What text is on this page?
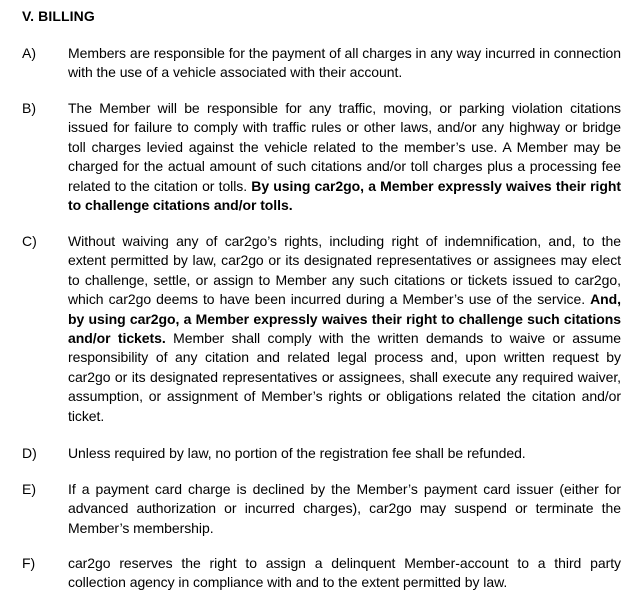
V. BILLING
A) Members are responsible for the payment of all charges in any way incurred in connection with the use of a vehicle associated with their account.
B) The Member will be responsible for any traffic, moving, or parking violation citations issued for failure to comply with traffic rules or other laws, and/or any highway or bridge toll charges levied against the vehicle related to the member’s use. A Member may be charged for the actual amount of such citations and/or toll charges plus a processing fee related to the citation or tolls. By using car2go, a Member expressly waives their right to challenge citations and/or tolls.
C) Without waiving any of car2go’s rights, including right of indemnification, and, to the extent permitted by law, car2go or its designated representatives or assignees may elect to challenge, settle, or assign to Member any such citations or tickets issued to car2go, which car2go deems to have been incurred during a Member’s use of the service. And, by using car2go, a Member expressly waives their right to challenge such citations and/or tickets. Member shall comply with the written demands to waive or assume responsibility of any citation and related legal process and, upon written request by car2go or its designated representatives or assignees, shall execute any required waiver, assumption, or assignment of Member’s rights or obligations related the citation and/or ticket.
D) Unless required by law, no portion of the registration fee shall be refunded.
E) If a payment card charge is declined by the Member’s payment card issuer (either for advanced authorization or incurred charges), car2go may suspend or terminate the Member’s membership.
F) car2go reserves the right to assign a delinquent Member-account to a third party collection agency in compliance with and to the extent permitted by law.
